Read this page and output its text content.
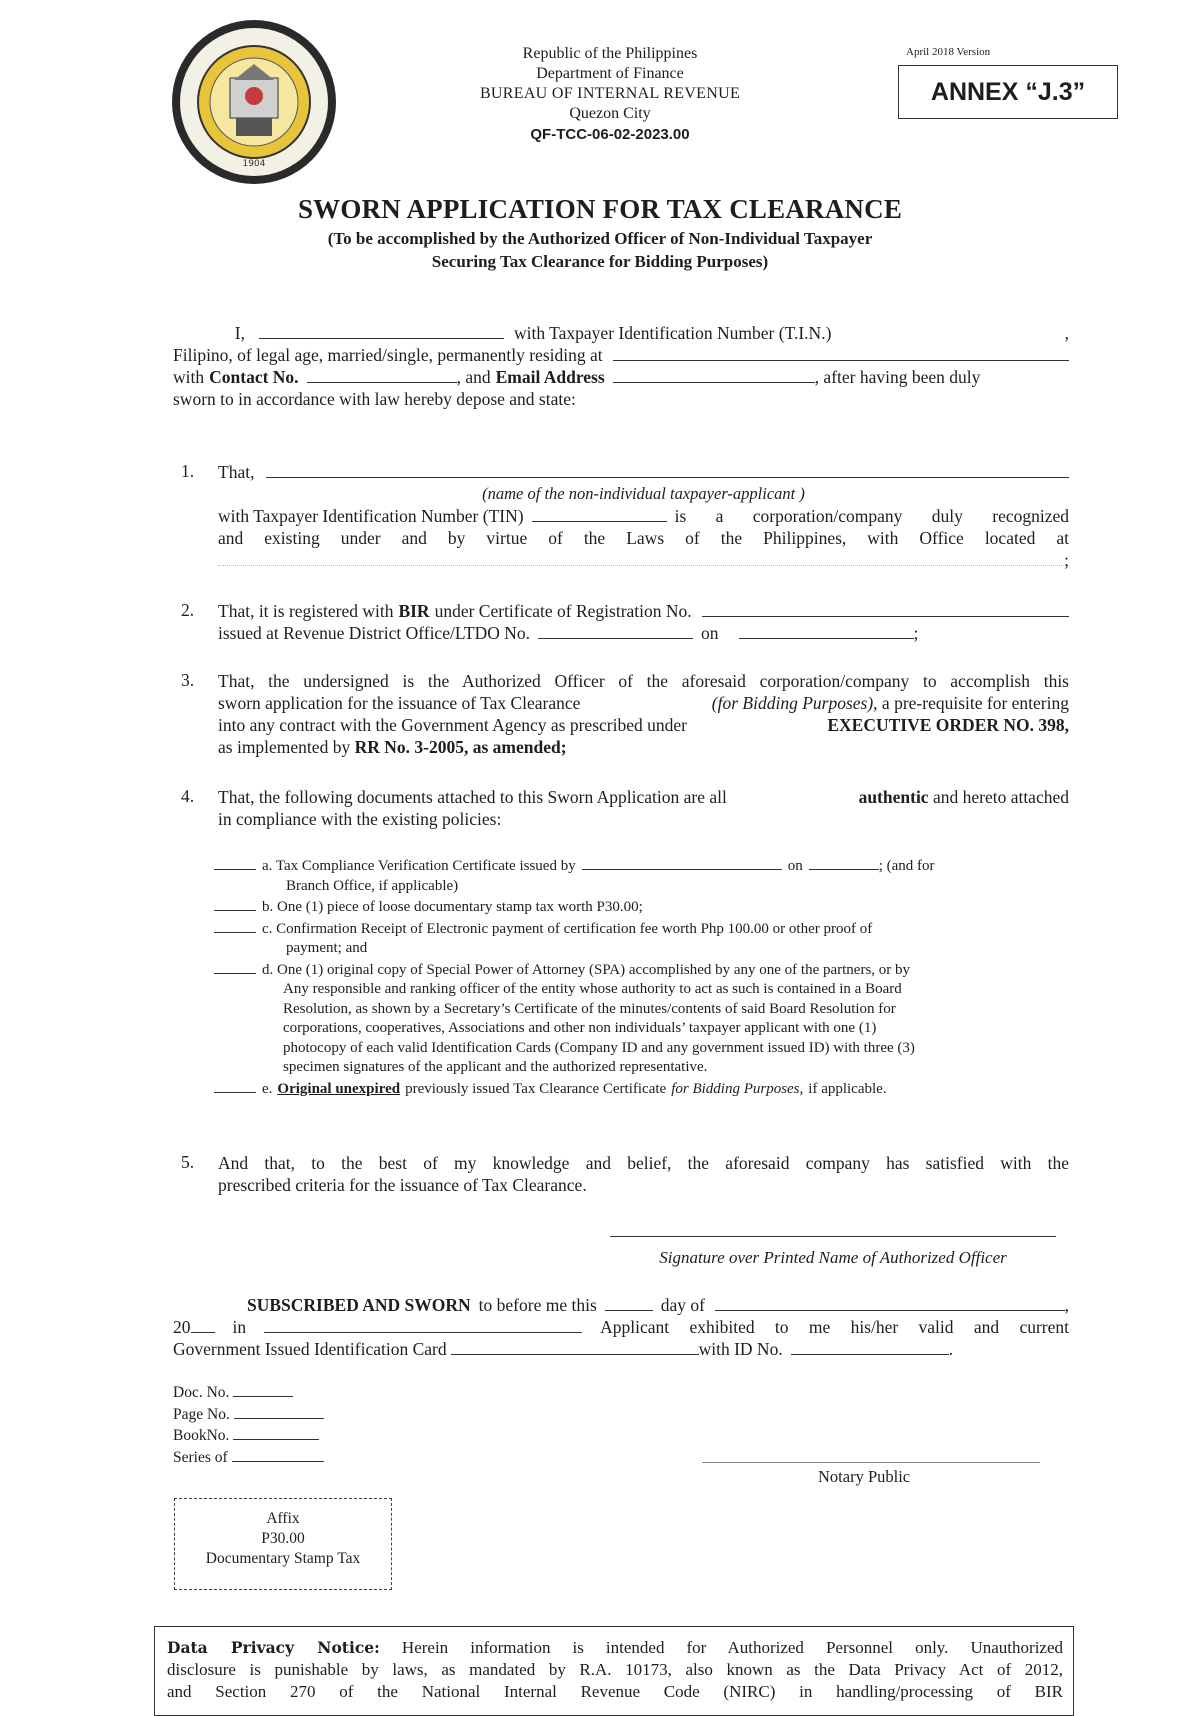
1904
Republic of the Philippines
Department of Finance
BUREAU OF INTERNAL REVENUE
Quezon City
QF-TCC-06-02-2023.00
April 2018 Version
ANNEX “J.3”
SWORN APPLICATION FOR TAX CLEARANCE
(To be accomplished by the Authorized Officer of Non-Individual Taxpayer
Securing Tax Clearance for Bidding Purposes)
I,	with Taxpayer Identification Number (T.I.N.)	,
Filipino, of legal age, married/single, permanently residing at
with Contact No.	, and Email Address	, after having been duly
sworn to in accordance with law hereby depose and state:
1. That,
(name of the non-individual taxpayer-applicant )
with Taxpayer Identification Number (TIN)	is a corporation/company duly recognized
and existing under and by virtue of the Laws of the Philippines, with Office located at
;
2. That, it is registered with BIR under Certificate of Registration No.
issued at Revenue District Office/LTDO No.	on	;
3. That, the undersigned is the Authorized Officer of the aforesaid corporation/company to accomplish this
sworn application for the issuance of Tax Clearance	(for Bidding Purposes), a pre-requisite for entering
into any contract with the Government Agency as prescribed under	EXECUTIVE ORDER NO. 398,
as implemented by RR No. 3-2005, as amended;
4. That, the following documents attached to this Sworn Application are all	authentic and hereto attached
in compliance with the existing policies:
a. Tax Compliance Verification Certificate issued by	on	; (and for
Branch Office, if applicable)
b. One (1) piece of loose documentary stamp tax worth P30.00;
c. Confirmation Receipt of Electronic payment of certification fee worth Php 100.00 or other proof of
payment; and
d. One (1) original copy of Special Power of Attorney (SPA) accomplished by any one of the partners, or by
Any responsible and ranking officer of the entity whose authority to act as such is contained in a Board
Resolution, as shown by a Secretary’s Certificate of the minutes/contents of said Board Resolution for
corporations, cooperatives, Associations and other non individuals’ taxpayer applicant with one (1)
photocopy of each valid Identification Cards (Company ID and any government issued ID) with three (3)
specimen signatures of the applicant and the authorized representative.
e. Original unexpired previously issued Tax Clearance Certificate for Bidding Purposes, if applicable.
5. And that, to the best of my knowledge and belief, the aforesaid company has satisfied with the
prescribed criteria for the issuance of Tax Clearance.
Signature over Printed Name of Authorized Officer
SUBSCRIBED AND SWORN to before me this	day of	,
20 in	Applicant exhibited to me his/her valid and current
Government Issued Identification Card	with ID No.	.
Doc. No.
Page No.
BookNo.
Series of
Notary Public
Affix
P30.00
Documentary Stamp Tax
Data Privacy Notice: Herein information is intended for Authorized Personnel only. Unauthorized
disclosure is punishable by laws, as mandated by R.A. 10173, also known as the Data Privacy Act of 2012,
and Section 270 of the National Internal Revenue Code (NIRC) in handling/processing of BIR
